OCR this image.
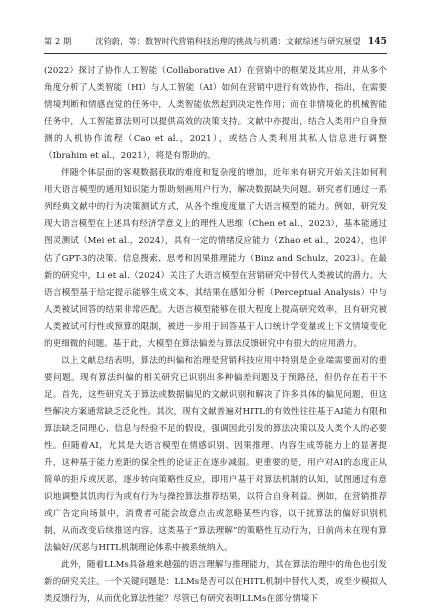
第 2 期	沈钧蔚，等：数智时代营销科技治理的挑战与机遇：文献综述与研究展望 145

(2022）探讨了协作人工智能（Collaborative AI）在营销中的框架及其应用，并从多个角度分析了人类智能（HI）与人工智能（AI）如何在营销中进行有效协作，指出，在需要情境判断和情感直觉的任务中，人类智能依然起到决定性作用；而在非情境化的机械智能任务中，人工智能算法则可以提供高效的决策支持。文献中亦提出，结合人类用户自身预测的人机协作流程（Cao et al.，2021），或结合人类利用其私人信息进行调整（Ibrahim et al.，2021），将是有帮助的。

伴随个体层面的客观数据获取的难度和复杂度的增加，近年来有研究开始关注如何利用大语言模型的通用知识能力帮助刻画用户行为，解决数据缺失问题。研究者们通过一系列经典文献中的行为决策测试方式，从各个维度度量了大语言模型的能力。例如，研究发现大语言模型在上述具有经济学意义上的理性人思维（Chen et al.，2023），基本能通过图灵测试（Mei et al.，2024），具有一定的情绪反应能力（Zhao et al.，2024），也评估了GPT-3的决策、信息搜索、思考和因果推理能力（Binz and Schulz，2023）。在最新的研究中，Li et al.（2024）关注了大语言模型在营销研究中替代人类被试的潜力。大语言模型基于给定提示能够生成文本，其结果在感知分析（Perceptual Analysis）中与人类被试回答的结果非常匹配。大语言模型能够在很大程度上提高研究效率，且有研究被人类被试可行性或预算的限制，被进一步用于回答基于人口统计学变量或上下文情境变化的更细微的问题。基于此，大模型在算法偏差与算法反馈研究中有很大的应用潜力。

以上文献总结表明，算法的纠偏和治理是营销科技应用中特别是企业端需要面对的重要问题。现有算法纠偏的相关研究已识别出多种偏差问题及于预路径，但仍存在若干不足。首先，这些研究关于算法或数据偏见的文献识别和解决了许多具体的偏见问题，但这些解决方案通常缺乏泛化性。其次，现有文献普遍对HITL的有效性往往基于AI能力有限和算法缺乏同理心、信息与经验不足的假设，强调因此引发的算法决策以及人类个人的必要性。但随着AI，尤其是大语言模型在情感识别、因果推理、内容生成等能力上的显著提升，这种基于能力差距的保全性的论证正在逐步减弱。更重要的是，用户对AI的态度正从简单的拒斥或厌恶，逐步转向策略性反应，即用户基于对算法机制的认知，试图通过有意识地调整其饥肉行为或有行为与操控算法推荐结果，以符合自身利益。例如，在营销推荐或广告定向场景中，消费者可能会故意点击或忽略某些内容，以干扰算法的偏好识别机制，从而改变后续推送内容。这类基于“算法理解”的策略性互动行为，日前尚未在现有算法偏好/厌恶与HITL机制理论体系中被系统纳入。

此外，随着LLMs具备越来越强的语言理解与推理能力，其在算法治理中的角色也引发新的研究关注。一个关键问题是：LLMs是否可以在HITL机制中替代人类，或至少模拟人类反馈行为，从而优化算法性能？尽管已有研究表明LLMs在部分情境下
